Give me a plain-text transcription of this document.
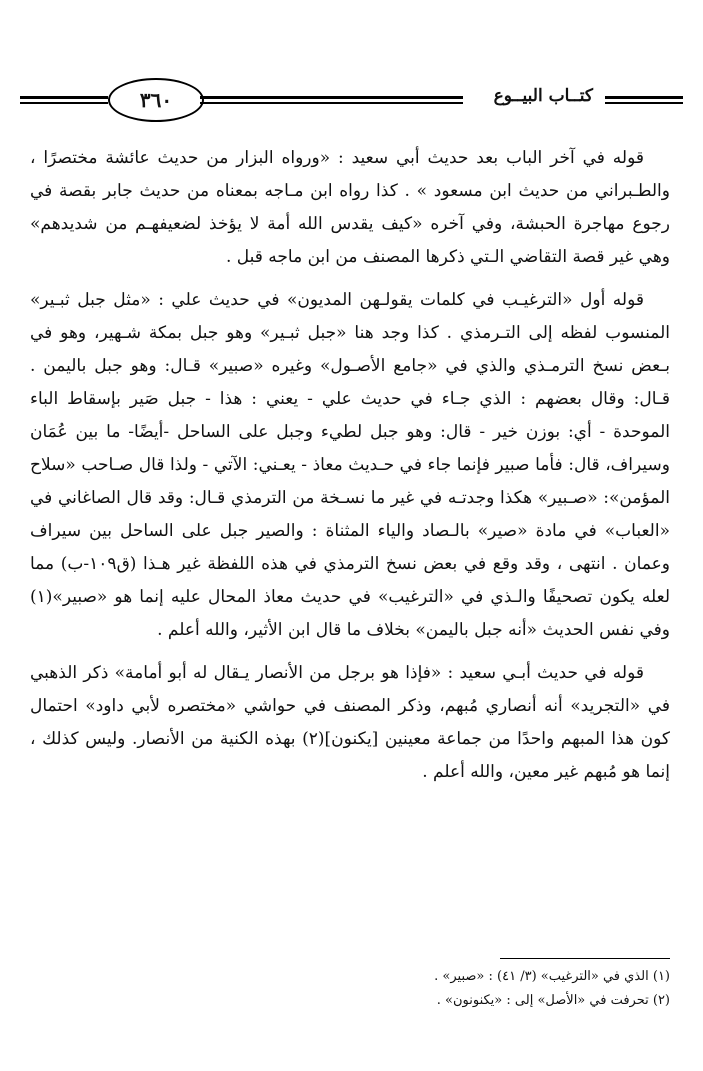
٣٦٠	كتــاب البيــوع

قوله في آخر الباب بعد حديث أبي سعيد : «ورواه البزار من حديث عائشة مختصرًا ، والطـبراني من حديث ابن مسعود » . كذا رواه ابن مـاجه بمعناه من حديث جابر بقصة في رجوع مهاجرة الحبشة، وفي آخره «كيف يقدس الله أمة لا يؤخذ لضعيفهـم من شديدهم» وهي غير قصة التقاضي الـتي ذكرها المصنف من ابن ماجه قبل .

قوله أول «الترغيـب في كلمات يقولـهن المديون» في حديث علي : «مثل جبل ثبـير» المنسوب لفظه إلى التـرمذي . كذا وجد هنا «جبل ثبـير» وهو جبل بمكة شـهير، وهو في بـعض نسخ الترمـذي والذي في «جامع الأصـول» وغيره «صبير» قـال: وهو جبل باليمن . قـال: وقال بعضهم : الذي جـاء في حديث علي - يعني : هذا - جبل صَير بإسقاط الباء الموحدة - أي: بوزن خير - قال: وهو جبل لطيء وجبل على الساحل -أيضًا- ما بين عُمَان وسيراف، قال: فأما صبير فإنما جاء في حـديث معاذ - يعـني: الآتي - ولذا قال صـاحب «سلاح المؤمن»: «صـبير» هكذا وجدتـه في غير ما نسـخة من الترمذي قـال: وقد قال الصاغاني في «العباب» في مادة «صير» بالـصاد والياء المثناة : والصير جبل على الساحل بين سيراف وعمان . انتهى ، وقد وقع في بعض نسخ الترمذي في هذه اللفظة غير هـذا (ق١٠٩-ب) مما لعله يكون تصحيفًا والـذي في «الترغيب» في حديث معاذ المحال عليه إنما هو «صبير»(١) وفي نفس الحديث «أنه جبل باليمن» بخلاف ما قال ابن الأثير، والله أعلم .

قوله في حديث أبـي سعيد : «فإذا هو برجل من الأنصار يـقال له أبو أمامة» ذكر الذهبي في «التجريد» أنه أنصاري مُبهم، وذكر المصنف في حواشي «مختصره لأبي داود» احتمال كون هذا المبهم واحدًا من جماعة معينين [يكنون](٢) بهذه الكنية من الأنصار. وليس كذلك ، إنما هو مُبهم غير معين، والله أعلم .

(١) الذي في «الترغيب» (٣/ ٤١) : «صبير» .

(٢) تحرفت في «الأصل» إلى : «يكنونون» .
